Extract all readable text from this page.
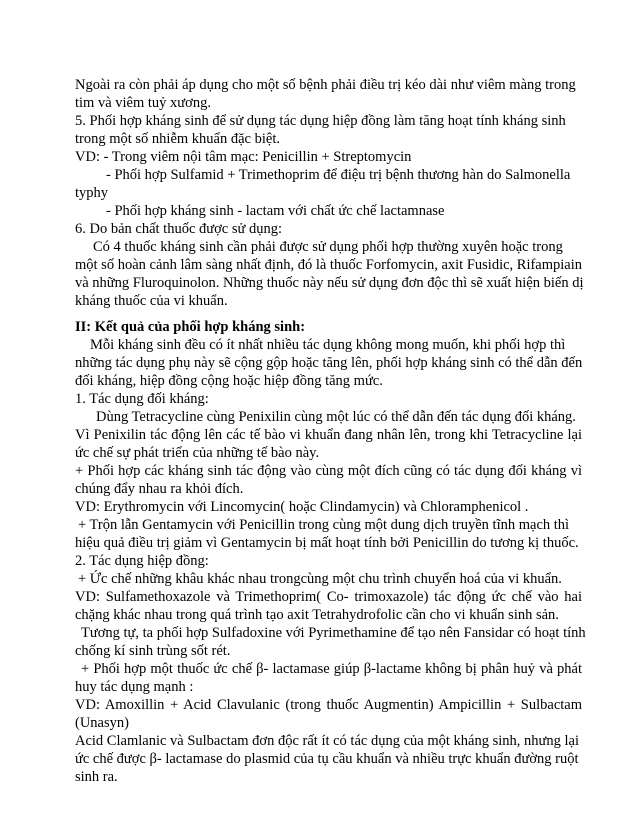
Ngoài ra còn phải áp dụng cho một số bệnh phải điều trị kéo dài như viêm màng trong
tim và viêm tuỷ xương.
5. Phối hợp kháng sinh để sử dụng tác dụng hiệp đồng làm tăng hoạt tính kháng sinh
trong một số nhiễm khuẩn đặc biệt.
VD: - Trong viêm nội tâm mạc: Penicillin + Streptomycin
- Phối hợp Sulfamid + Trimethoprim để điệu trị bệnh thương hàn do Salmonella
typhy
- Phối hợp kháng sinh - lactam với chất ức chế lactamnase
6. Do bản chất thuốc được sử dụng:
Có 4 thuốc kháng sinh cần phải được sử dụng phối hợp thường xuyên hoặc trong
một số hoàn cảnh lâm sàng nhất định, đó là thuốc Forfomycin, axit Fusidic, Rifampiain
và những Fluroquinolon. Những thuốc này nếu sử dụng đơn độc thì sẽ xuất hiện biến dị
kháng thuốc của vi khuẩn.
II: Kết quả của phối hợp kháng sinh:
Mỗi kháng sinh đều có ít nhất nhiều tác dụng không mong muốn, khi phối hợp thì
những tác dụng phụ này sẽ cộng gộp hoặc tăng lên, phối hợp kháng sinh có thể dẫn đến
đối kháng, hiệp đồng cộng hoặc hiệp đồng tăng mức.
1. Tác dụng đối kháng:
Dùng Tetracycline cùng Penixilin cùng một lúc có thể dẫn đến tác dụng đối kháng.
Vì Penixilin tác động lên các tế bào vi khuẩn đang nhân lên, trong khi Tetracycline lại
ức chế sự phát triển của những tế bào này.
+ Phối hợp các kháng sinh tác động vào cùng một đích cũng có tác dụng đối kháng vì
chúng đẩy nhau ra khỏi đích.
VD: Erythromycin với Lincomycin( hoặc Clindamycin) và Chloramphenicol .
+ Trộn lẫn Gentamycin với Penicillin trong cùng một dung dịch truyền tĩnh mạch thì
hiệu quả điều trị giảm vì Gentamycin bị mất hoạt tính bởi Penicillin do tương kị thuốc.
2. Tác dụng hiệp đồng:
+ Ức chế những khâu khác nhau trongcùng một chu trình chuyển hoá của vi khuẩn.
VD: Sulfamethoxazole và Trimethoprim( Co- trimoxazole) tác động ức chế vào hai
chặng khác nhau trong quá trình tạo axit Tetrahydrofolic cần cho vi khuẩn sinh sản.
Tương tự, ta phối hợp Sulfadoxine với Pyrimethamine để tạo nên Fansidar có hoạt tính
chống kí sinh trùng sốt rét.
+ Phối hợp một thuốc ức chế β- lactamase giúp β-lactame không bị phân huỷ và phát
huy tác dụng mạnh :
VD: Amoxillin + Acid Clavulanic (trong thuốc Augmentin) Ampicillin + Sulbactam
(Unasyn)
Acid Clamlanic và Sulbactam đơn độc rất ít có tác dụng của một kháng sinh, nhưng lại
ức chế được β- lactamase do plasmid của tụ cầu khuẩn và nhiều trực khuẩn đường ruột
sinh ra.
